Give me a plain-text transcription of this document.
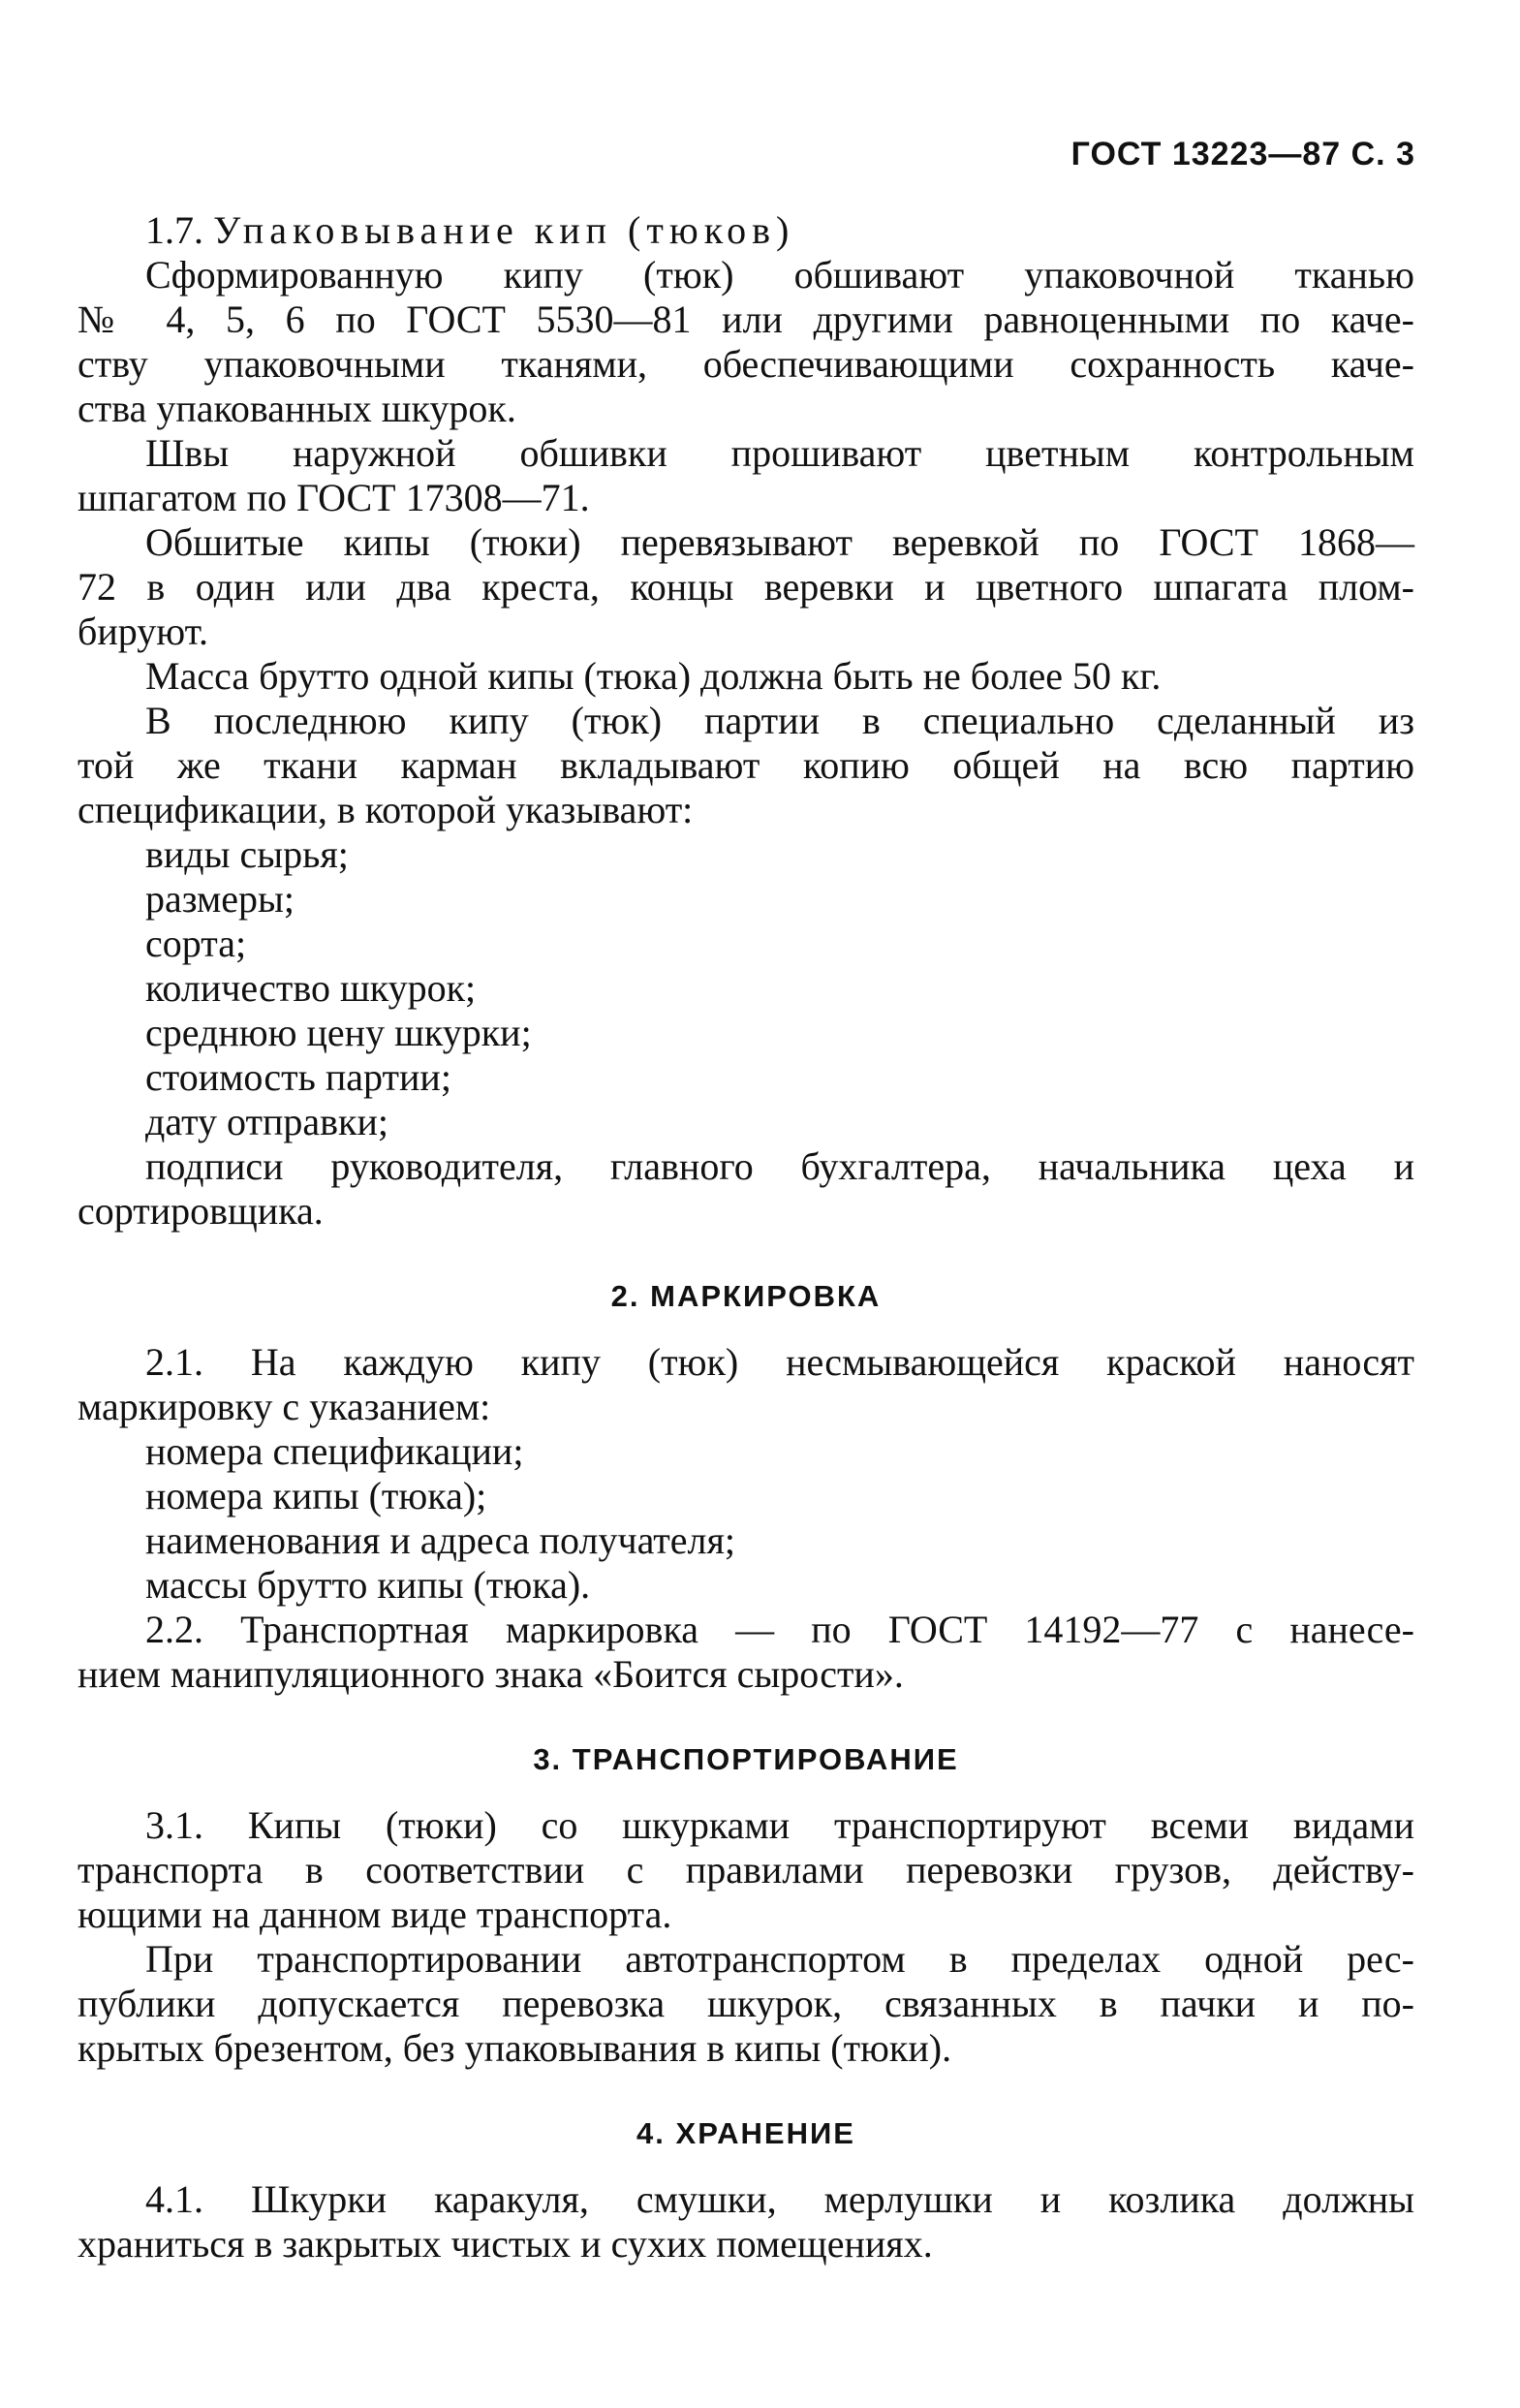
ГОСТ 13223—87 С. 3

1.7. Упаковывание кип (тюков)

Сформированную кипу (тюк) обшивают упаковочной тканью

№ 4, 5, 6 по ГОСТ 5530—81 или другими равноценными по каче-

ству упаковочными тканями, обеспечивающими сохранность каче-

ства упакованных шкурок.

Швы наружной обшивки прошивают цветным контрольным

шпагатом по ГОСТ 17308—71.

Обшитые кипы (тюки) перевязывают веревкой по ГОСТ 1868—

72 в один или два креста, концы веревки и цветного шпагата плом-

бируют.

Масса брутто одной кипы (тюка) должна быть не более 50 кг.

В последнюю кипу (тюк) партии в специально сделанный из

той же ткани карман вкладывают копию общей на всю партию

спецификации, в которой указывают:

виды сырья;

размеры;

сорта;

количество шкурок;

среднюю цену шкурки;

стоимость партии;

дату отправки;

подписи руководителя, главного бухгалтера, начальника цеха и

сортировщика.

2. МАРКИРОВКА

2.1. На каждую кипу (тюк) несмывающейся краской наносят

маркировку с указанием:

номера спецификации;

номера кипы (тюка);

наименования и адреса получателя;

массы брутто кипы (тюка).

2.2. Транспортная маркировка — по ГОСТ 14192—77 с нанесе-

нием манипуляционного знака «Боится сырости».

3. ТРАНСПОРТИРОВАНИЕ

3.1. Кипы (тюки) со шкурками транспортируют всеми видами

транспорта в соответствии с правилами перевозки грузов, действу-

ющими на данном виде транспорта.

При транспортировании автотранспортом в пределах одной рес-

публики допускается перевозка шкурок, связанных в пачки и по-

крытых брезентом, без упаковывания в кипы (тюки).

4. ХРАНЕНИЕ

4.1. Шкурки каракуля, смушки, мерлушки и козлика должны

храниться в закрытых чистых и сухих помещениях.
